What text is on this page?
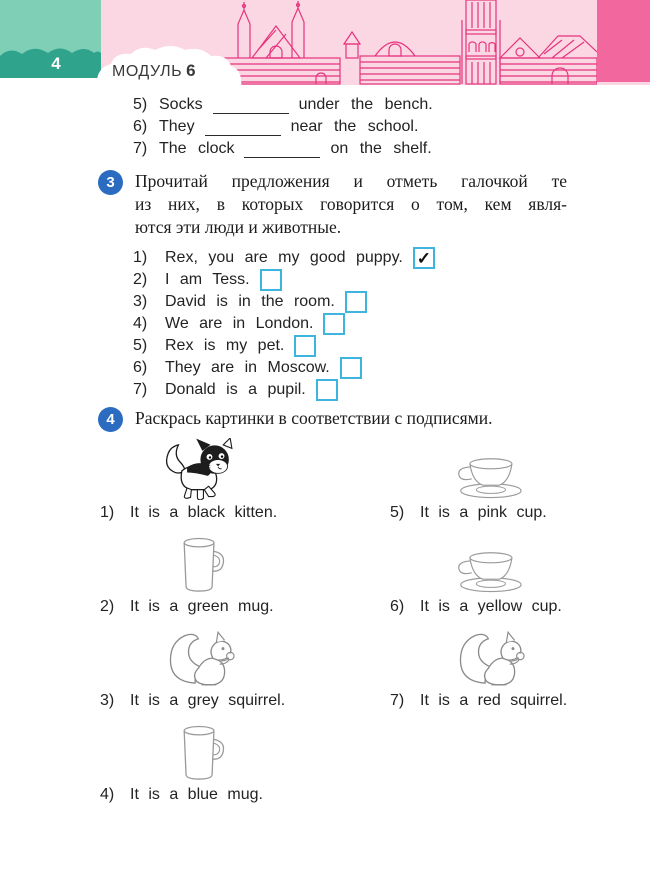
4	МОДУЛЬ 6
5) Socks	under the bench.
6) They	near the school.
7) The clock	on the shelf.
3	Прочитай предложения и отметь галочкой те
из них, в которых говорится о том, кем явля-
ются эти люди и животные.
1)	Rex, you are my good puppy. ✓
2)	I am Tess.
3)	David is in the room.
4)	We are in London.
5)	Rex is my pet.
6)	They are in Moscow.
7)	Donald is a pupil.
4	Раскрась картинки в соответствии с подписями.
1) It is a black kitten.	5) It is a pink cup.
2) It is a green mug.	6) It is a yellow cup.
3) It is a grey squirrel.	7) It is a red squirrel.
4) It is a blue mug.
